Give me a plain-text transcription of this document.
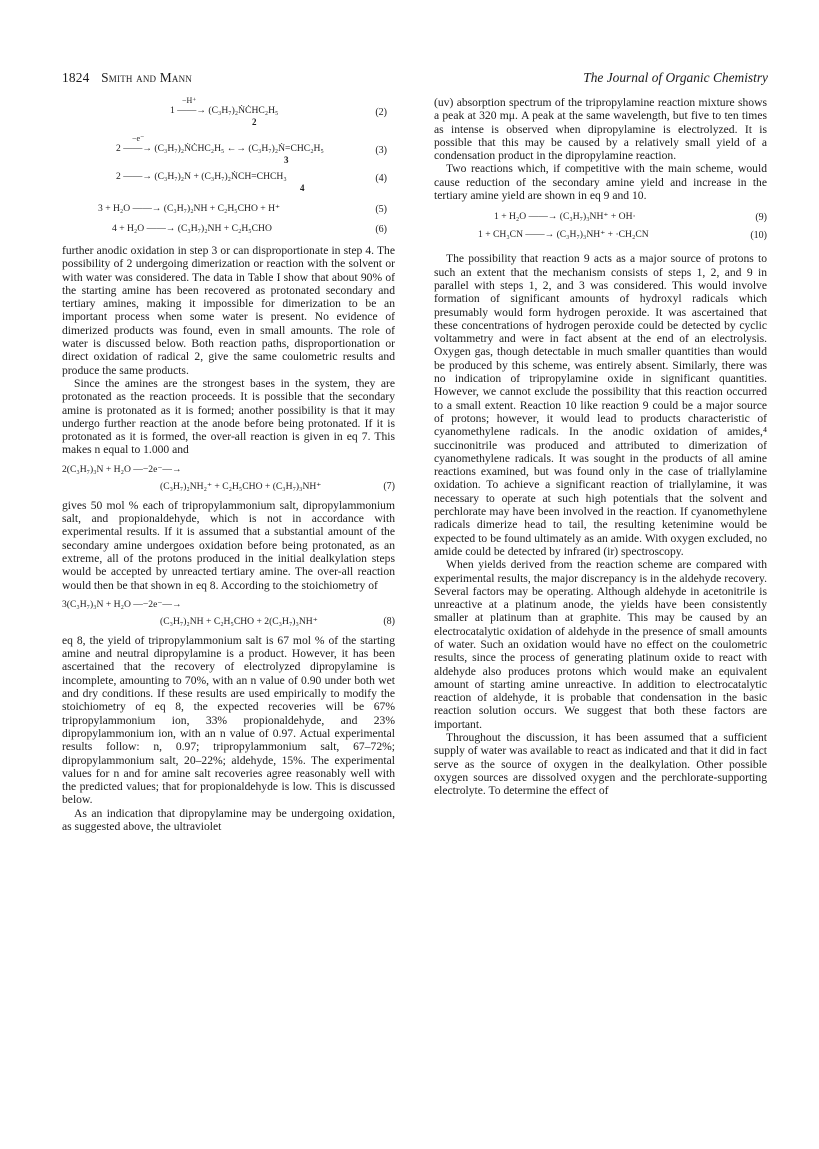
1824 Smith and Mann	The Journal of Organic Chemistry
−H⁺
1 ——→ (C₃H₇)₂ṄĊHC₂H₅
2
(2)
−e⁻
2 ——→ (C₃H₇)₂ṄĊHC₂H₅ ←→ (C₃H₇)₂Ṅ=CHC₂H₅
3
(3)
2 ——→ (C₃H₇)₂N + (C₃H₇)₂ṄCH=CHCH₃
4
(4)
3 + H₂O ——→ (C₃H₇)₂NH + C₂H₅CHO + H⁺	(5)
4 + H₂O ——→ (C₃H₇)₂NH + C₂H₅CHO	(6)

further anodic oxidation in step 3 or can disproportionate in step 4. The possibility of 2 undergoing dimerization or reaction with the solvent or with water was considered. The data in Table I show that about 90% of the starting amine has been recovered as protonated secondary and tertiary amines, making it impossible for dimerization to be an important process when some water is present. No evidence of dimerized products was found, even in small amounts. The role of water is discussed below. Both reaction paths, disproportionation or direct oxidation of radical 2, give the same coulometric results and produce the same products.

Since the amines are the strongest bases in the system, they are protonated as the reaction proceeds. It is possible that the secondary amine is protonated as it is formed; another possibility is that it may undergo further reaction at the anode before being protonated. If it is protonated as it is formed, the over-all reaction is given in eq 7. This makes n equal to 1.000 and

2(C₃H₇)₃N + H₂O —−2e⁻—→
(C₃H₇)₂NH₂⁺ + C₂H₅CHO + (C₃H₇)₃NH⁺	(7)

gives 50 mol % each of tripropylammonium salt, dipropylammonium salt, and propionaldehyde, which is not in accordance with experimental results. If it is assumed that a substantial amount of the secondary amine undergoes oxidation before being protonated, as an extreme, all of the protons produced in the initial dealkylation steps would be accepted by unreacted tertiary amine. The over-all reaction would then be that shown in eq 8. According to the stoichiometry of

3(C₃H₇)₃N + H₂O —−2e⁻—→
(C₃H₇)₂NH + C₂H₅CHO + 2(C₃H₇)₃NH⁺	(8)

eq 8, the yield of tripropylammonium salt is 67 mol % of the starting amine and neutral dipropylamine is a product. However, it has been ascertained that the recovery of electrolyzed dipropylamine is incomplete, amounting to 70%, with an n value of 0.90 under both wet and dry conditions. If these results are used empirically to modify the stoichiometry of eq 8, the expected recoveries will be 67% tripropylammonium ion, 33% propionaldehyde, and 23% dipropylammonium ion, with an n value of 0.97. Actual experimental results follow: n, 0.97; tripropylammonium salt, 67–72%; dipropylammonium salt, 20–22%; aldehyde, 15%. The experimental values for n and for amine salt recoveries agree reasonably well with the predicted values; that for propionaldehyde is low. This is discussed below.

As an indication that dipropylamine may be undergoing oxidation, as suggested above, the ultraviolet

(uv) absorption spectrum of the tripropylamine reaction mixture shows a peak at 320 mμ. A peak at the same wavelength, but five to ten times as intense is observed when dipropylamine is electrolyzed. It is possible that this may be caused by a relatively small yield of a condensation product in the dipropylamine reaction.

Two reactions which, if competitive with the main scheme, would cause reduction of the secondary amine yield and increase in the tertiary amine yield are shown in eq 9 and 10.

1 + H₂O ——→ (C₃H₇)₃NH⁺ + OH·	(9)
1 + CH₃CN ——→ (C₃H₇)₃NH⁺ + ·CH₂CN	(10)

The possibility that reaction 9 acts as a major source of protons to such an extent that the mechanism consists of steps 1, 2, and 9 in parallel with steps 1, 2, and 3 was considered. This would involve formation of significant amounts of hydroxyl radicals which presumably would form hydrogen peroxide. It was ascertained that these concentrations of hydrogen peroxide could be detected by cyclic voltammetry and were in fact absent at the end of an electrolysis. Oxygen gas, though detectable in much smaller quantities than would be produced by this scheme, was entirely absent. Similarly, there was no indication of tripropylamine oxide in significant quantities. However, we cannot exclude the possibility that this reaction occurred to a small extent. Reaction 10 like reaction 9 could be a major source of protons; however, it would lead to products characteristic of cyanomethylene radicals. In the anodic oxidation of amides,⁴ succinonitrile was produced and attributed to dimerization of cyanomethylene radicals. It was sought in the products of all amine reactions examined, but was found only in the case of triallylamine oxidation. To achieve a significant reaction of triallylamine, it was necessary to operate at such high potentials that the solvent and perchlorate may have been involved in the reaction. If cyanomethylene radicals dimerize head to tail, the resulting ketenimine would be expected to be found ultimately as an amide. With oxygen excluded, no amide could be detected by infrared (ir) spectroscopy.

When yields derived from the reaction scheme are compared with experimental results, the major discrepancy is in the aldehyde recovery. Several factors may be operating. Although aldehyde in acetonitrile is unreactive at a platinum anode, the yields have been consistently smaller at platinum than at graphite. This may be caused by an electrocatalytic oxidation of aldehyde in the presence of small amounts of water. Such an oxidation would have no effect on the coulometric results, since the process of generating platinum oxide to react with aldehyde also produces protons which would make an equivalent amount of starting amine unreactive. In addition to electrocatalytic reaction of aldehyde, it is probable that condensation in the basic reaction solution occurs. We suggest that both these factors are important.

Throughout the discussion, it has been assumed that a sufficient supply of water was available to react as indicated and that it did in fact serve as the source of oxygen in the dealkylation. Other possible oxygen sources are dissolved oxygen and the perchlorate-supporting electrolyte. To determine the effect of
